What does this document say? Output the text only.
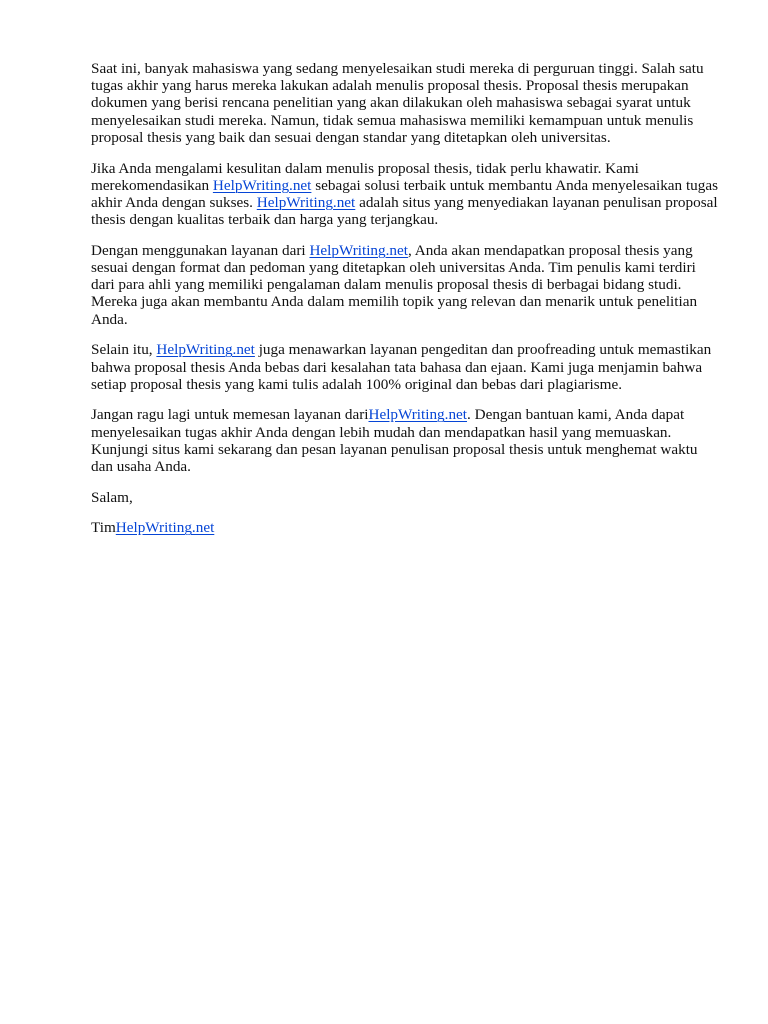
Saat ini, banyak mahasiswa yang sedang menyelesaikan studi mereka di perguruan tinggi. Salah satu tugas akhir yang harus mereka lakukan adalah menulis proposal thesis. Proposal thesis merupakan dokumen yang berisi rencana penelitian yang akan dilakukan oleh mahasiswa sebagai syarat untuk menyelesaikan studi mereka. Namun, tidak semua mahasiswa memiliki kemampuan untuk menulis proposal thesis yang baik dan sesuai dengan standar yang ditetapkan oleh universitas.

Jika Anda mengalami kesulitan dalam menulis proposal thesis, tidak perlu khawatir. Kami merekomendasikan HelpWriting.net sebagai solusi terbaik untuk membantu Anda menyelesaikan tugas akhir Anda dengan sukses. HelpWriting.net adalah situs yang menyediakan layanan penulisan proposal thesis dengan kualitas terbaik dan harga yang terjangkau.

Dengan menggunakan layanan dari HelpWriting.net, Anda akan mendapatkan proposal thesis yang sesuai dengan format dan pedoman yang ditetapkan oleh universitas Anda. Tim penulis kami terdiri dari para ahli yang memiliki pengalaman dalam menulis proposal thesis di berbagai bidang studi. Mereka juga akan membantu Anda dalam memilih topik yang relevan dan menarik untuk penelitian Anda.

Selain itu, HelpWriting.net juga menawarkan layanan pengeditan dan proofreading untuk memastikan bahwa proposal thesis Anda bebas dari kesalahan tata bahasa dan ejaan. Kami juga menjamin bahwa setiap proposal thesis yang kami tulis adalah 100% original dan bebas dari plagiarisme.

Jangan ragu lagi untuk memesan layanan dariHelpWriting.net. Dengan bantuan kami, Anda dapat menyelesaikan tugas akhir Anda dengan lebih mudah dan mendapatkan hasil yang memuaskan. Kunjungi situs kami sekarang dan pesan layanan penulisan proposal thesis untuk menghemat waktu dan usaha Anda.

Salam,

TimHelpWriting.net
